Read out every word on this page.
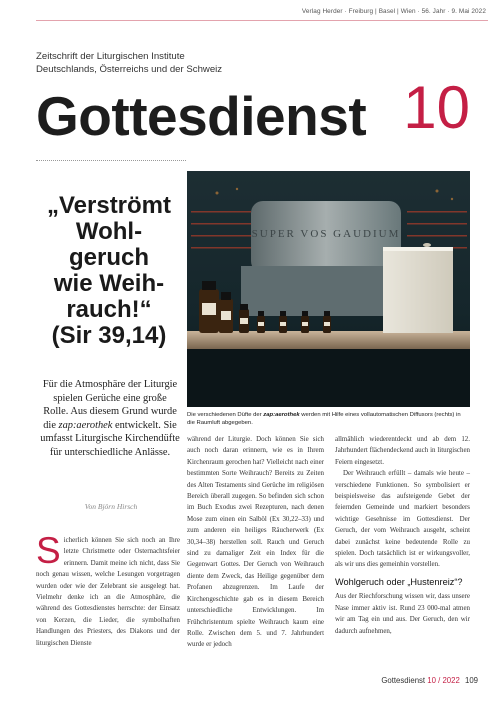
Verlag Herder · Freiburg | Basel | Wien · 56. Jahr · 9. Mai 2022
Zeitschrift der Liturgischen Institute
Deutschlands, Österreichs und der Schweiz
Gottesdienst 10
„Verströmt
Wohl-
geruch
wie Weih-
rauch!“
(Sir 39,14)
Für die Atmosphäre der Liturgie spielen Gerüche eine große Rolle. Aus diesem Grund wurde die zap:aerothek entwickelt. Sie umfasst Liturgische Kirchendüfte für unterschiedliche Anlässe.
Von Björn Hirsch
SUPER VOS GAUDIUM
Die verschiedenen Düfte der zap:aerothek werden mit Hilfe eines vollautomatischen Diffusors (rechts) in die Raumluft abgegeben.
S icherlich können Sie sich noch an Ihre letzte Christmette oder Osternachtsfeier erinnern. Damit meine ich nicht, dass Sie noch genau wissen, welche Lesungen vorgetragen wurden oder wie der Zelebrant sie ausgelegt hat. Vielmehr denke ich an die Atmosphäre, die während des Gottesdienstes herrschte: der Einsatz von Kerzen, die Lieder, die symbolhaften Handlungen des Priesters, des Diakons und der liturgischen Dienste

während der Liturgie. Doch können Sie sich auch noch daran erinnern, wie es in Ihrem Kirchenraum gerochen hat? Vielleicht nach einer bestimmten Sorte Weihrauch? Bereits zu Zeiten des Alten Testaments sind Gerüche im religiösen Bereich überall zugegen. So befinden sich schon im Buch Exodus zwei Rezepturen, nach denen Mose zum einen ein Salböl (Ex 30,22–33) und zum anderen ein heiliges Räucherwerk (Ex 30,34–38) herstellen soll. Rauch und Geruch sind zu damaliger Zeit ein Index für die Gegenwart Gottes. Der Geruch von Weihrauch diente dem Zweck, das Heilige gegenüber dem Profanen abzugrenzen. Im Laufe der Kirchengeschichte gab es in diesem Bereich unterschiedliche Entwicklungen. Im Frühchristentum spielte Weihrauch kaum eine Rolle. Zwischen dem 5. und 7. Jahrhundert wurde er jedoch

allmählich wiederentdeckt und ab dem 12. Jahrhundert flächendeckend auch in liturgischen Feiern eingesetzt.

Der Weihrauch erfüllt – damals wie heute – verschiedene Funktionen. So symbolisiert er beispielsweise das aufsteigende Gebet der feiernden Gemeinde und markiert besonders wichtige Gesehnisse im Gottesdienst. Der Geruch, der vom Weihrauch ausgeht, scheint dabei zunächst keine bedeutende Rolle zu spielen. Doch tatsächlich ist er wirkungsvoller, als wir uns dies gemeinhin vorstellen.

Wohlgeruch oder „Hustenreiz“?

Aus der Riechforschung wissen wir, dass unsere Nase immer aktiv ist. Rund 23 000-mal atmen wir am Tag ein und aus. Der Geruch, den wir dadurch aufnehmen,

Gottesdienst 10 / 2022 109
